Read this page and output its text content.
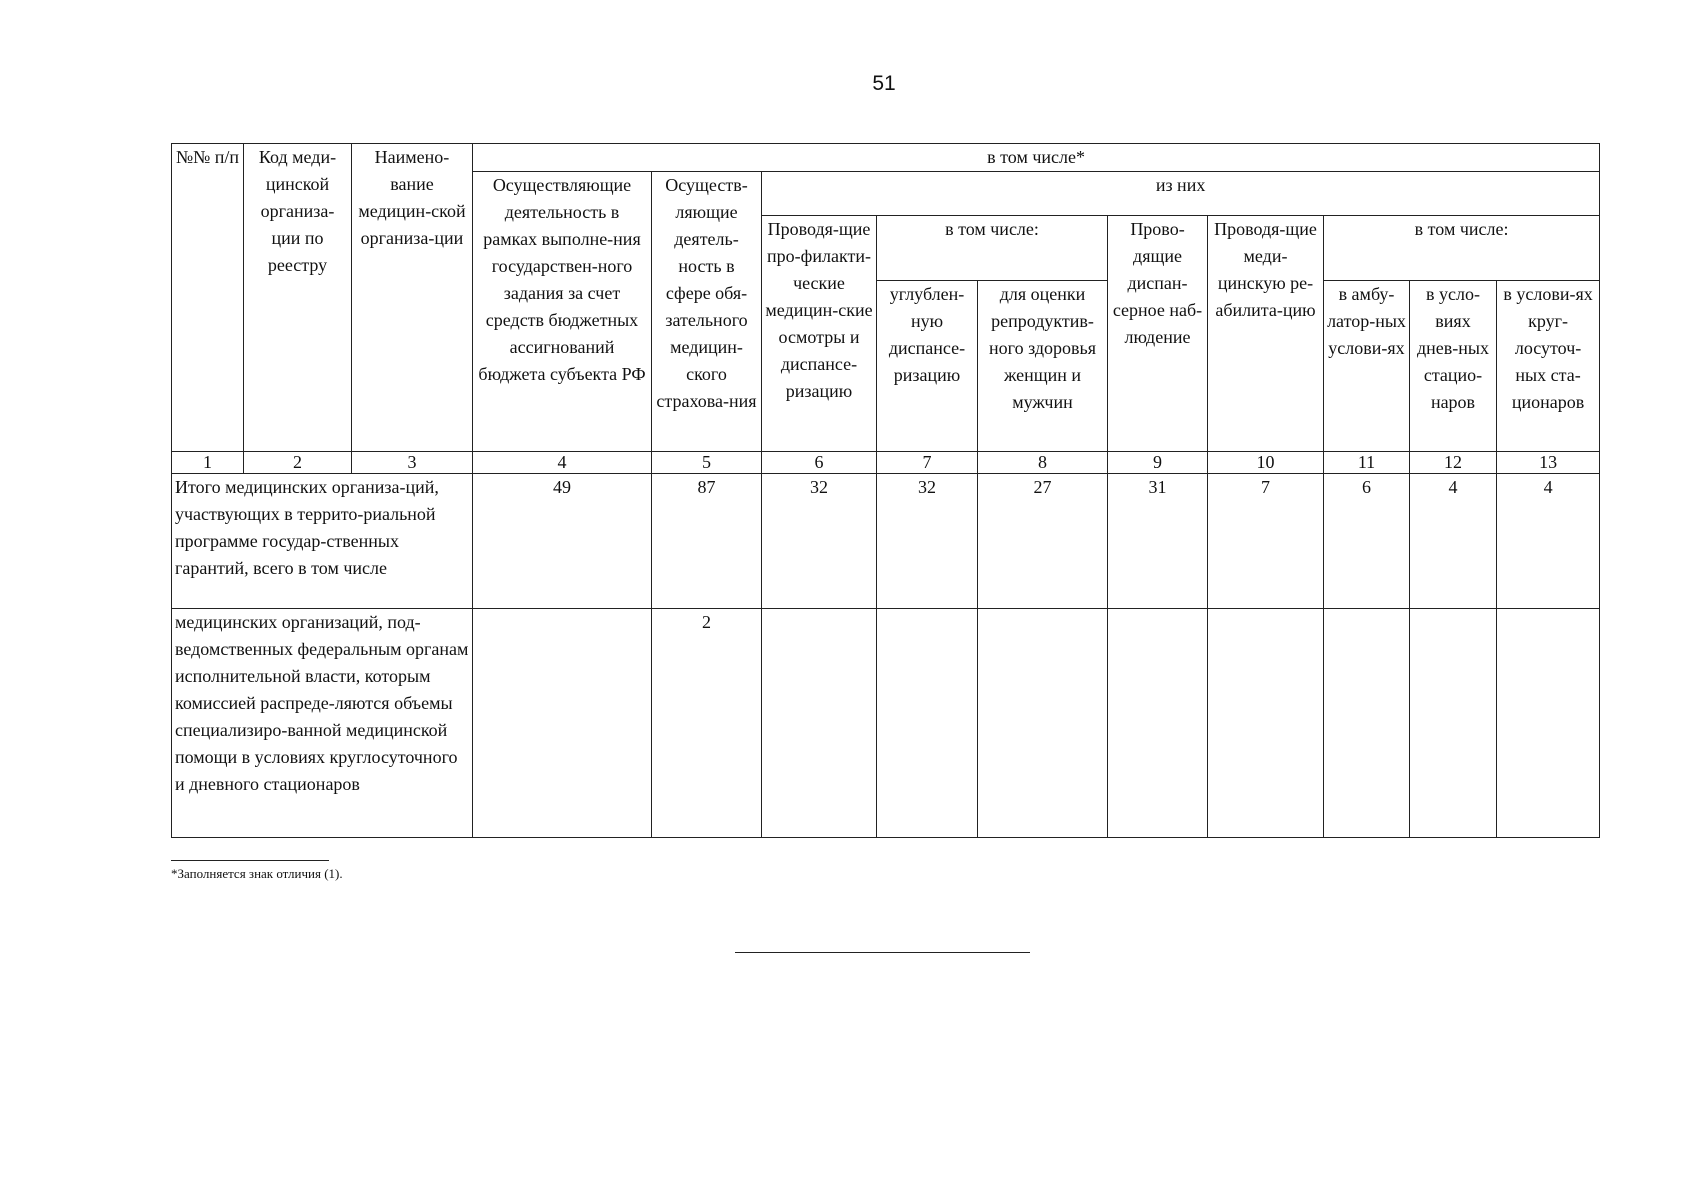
51
№№ п/п	Код меди-цинской организа-ции по реестру	Наимено-вание медицин-ской организа-ции	в том числе*									
			Осуществляющие деятельность в рамках выполне-ния государствен-ного задания за счет средств бюджетных ассигнований бюджета субъекта РФ	Осуществ-ляющие деятель-ность в сфере обя-зательного медицин-ского страхова-ния	из них							
					Проводя-щие про-филакти-ческие медицин-ские осмотры и диспансе-ризацию	в том числе:		Прово-дящие диспан-серное наб-людение	Проводя-щие меди-цинскую ре-абилита-цию	в том числе:		
						углублен-ную диспансе-ризацию	для оценки репродуктив-ного здоровья женщин и мужчин			в амбу-латор-ных услови-ях	в усло-виях днев-ных стацио-наров	в услови-ях круг-лосуточ-ных ста-ционаров
1	2	3	4	5	6	7	8	9	10	11	12	13
Итого медицинских организа-ций, участвующих в террито-риальной программе государ-ственных гарантий, всего в том числе			49	87	32	32	27	31	7	6	4	4
медицинских организаций, под-ведомственных федеральным органам исполнительной власти, которым комиссией распреде-ляются объемы специализиро-ванной медицинской помощи в условиях круглосуточного и дневного стационаров				2								
*Заполняется знак отличия (1).
